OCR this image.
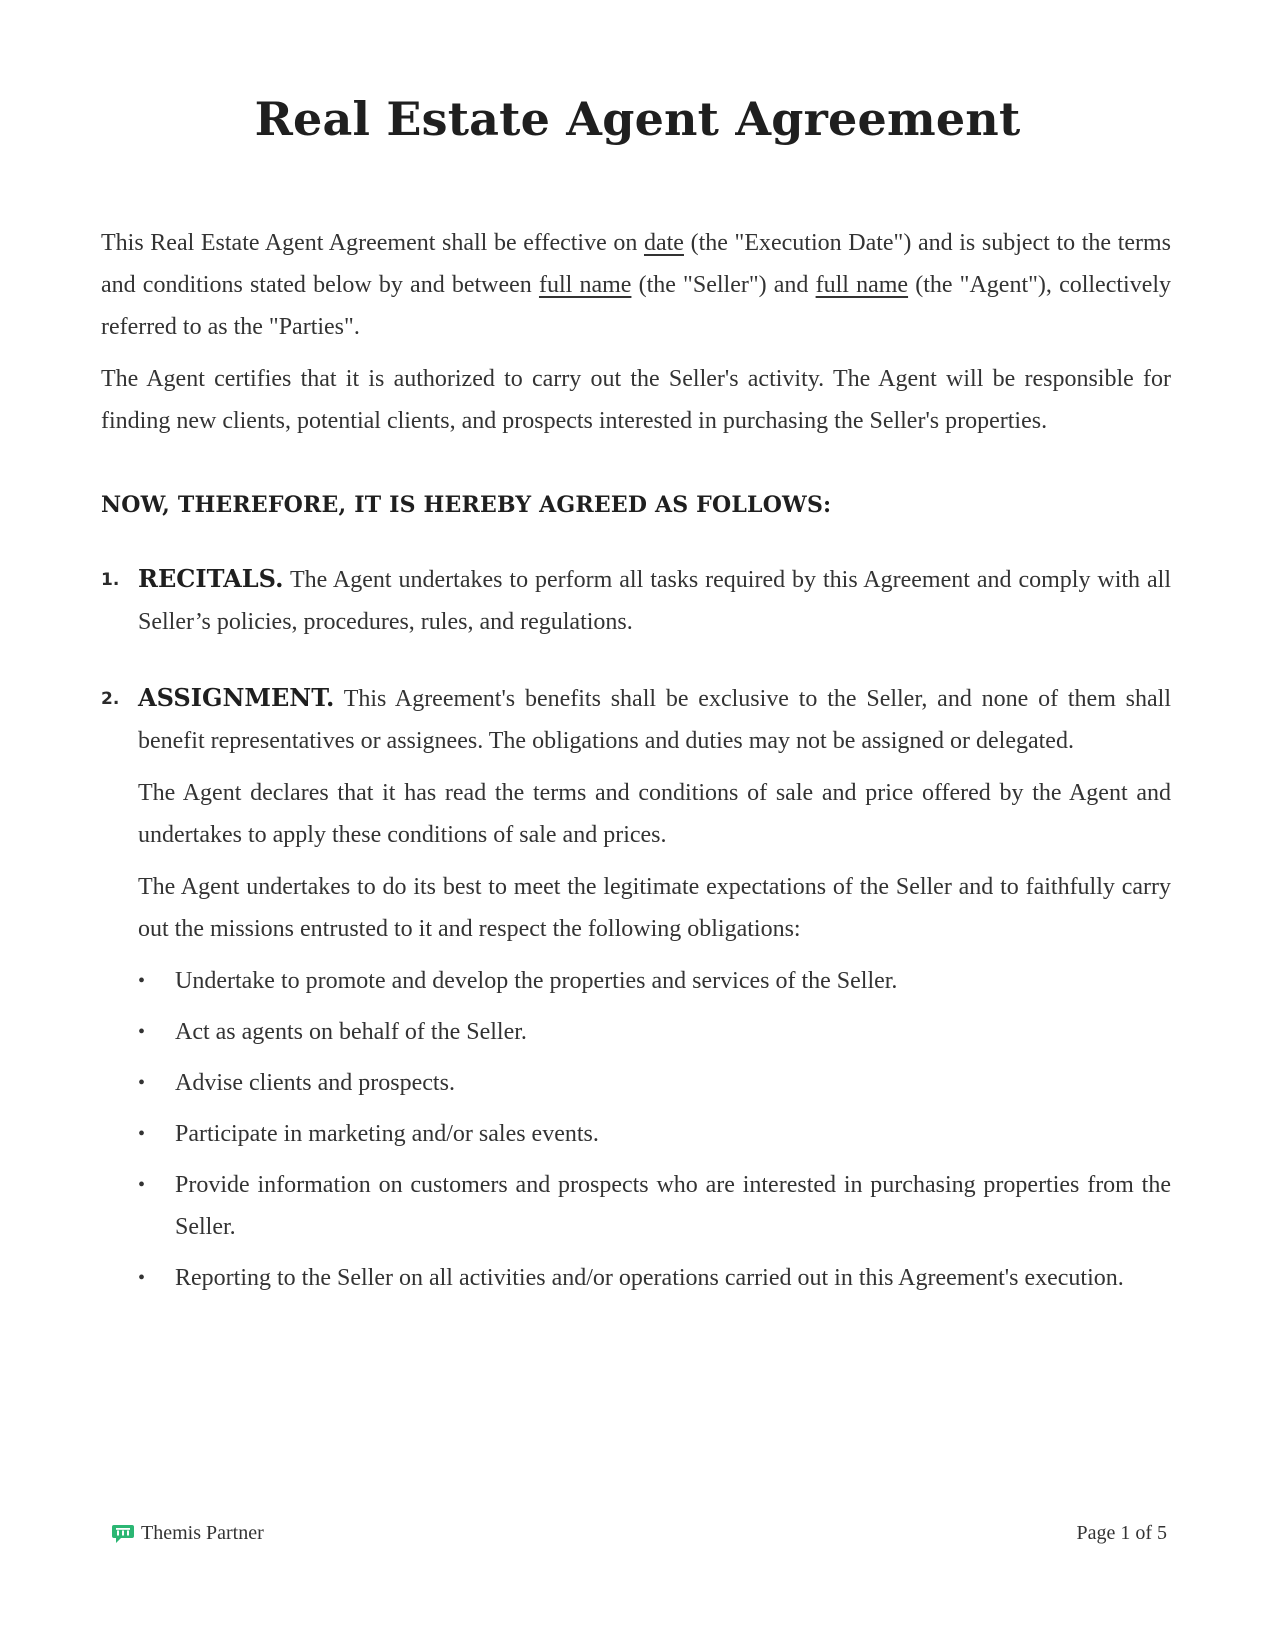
Real Estate Agent Agreement

This Real Estate Agent Agreement shall be effective on date (the "Execution Date") and is subject to the terms and conditions stated below by and between full name (the "Seller") and full name (the "Agent"), collectively referred to as the "Parties".

The Agent certifies that it is authorized to carry out the Seller's activity. The Agent will be responsible for finding new clients, potential clients, and prospects interested in purchasing the Seller's properties.

NOW, THEREFORE, IT IS HEREBY AGREED AS FOLLOWS:

1. RECITALS. The Agent undertakes to perform all tasks required by this Agreement and comply with all Seller’s policies, procedures, rules, and regulations.

2. ASSIGNMENT. This Agreement's benefits shall be exclusive to the Seller, and none of them shall benefit representatives or assignees. The obligations and duties may not be assigned or delegated.

The Agent declares that it has read the terms and conditions of sale and price offered by the Agent and undertakes to apply these conditions of sale and prices.

The Agent undertakes to do its best to meet the legitimate expectations of the Seller and to faithfully carry out the missions entrusted to it and respect the following obligations:

• Undertake to promote and develop the properties and services of the Seller.
• Act as agents on behalf of the Seller.
• Advise clients and prospects.
• Participate in marketing and/or sales events.
• Provide information on customers and prospects who are interested in purchasing properties from the Seller.
• Reporting to the Seller on all activities and/or operations carried out in this Agreement's execution.
Themis Partner	Page 1 of 5
